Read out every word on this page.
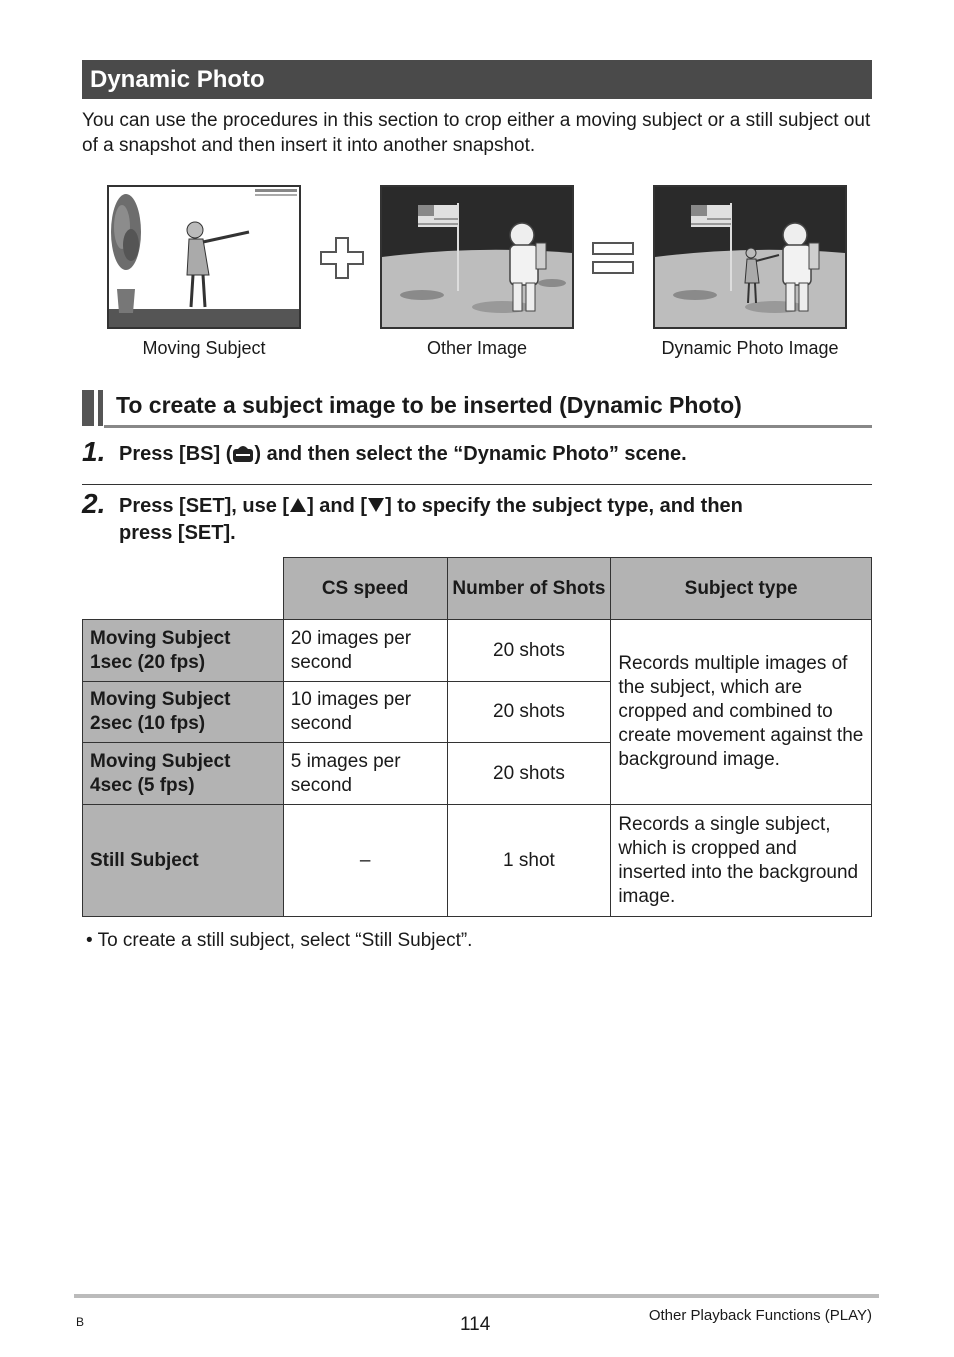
Dynamic Photo

You can use the procedures in this section to crop either a moving subject or a still subject out of a snapshot and then insert it into another snapshot.

Moving Subject	Other Image	Dynamic Photo Image
To create a subject image to be inserted (Dynamic Photo)
1. Press [BS] ( ) and then select the “Dynamic Photo” scene.
2. Press [SET], use [ ] and [ ] to specify the subject type, and then
press [SET].
	CS speed	Number of Shots	Subject type
Moving Subject 1sec (20 fps)	20 images per second	20 shots	Records multiple images of the subject, which are cropped and combined to create movement against the background image.
Moving Subject 2sec (10 fps)	10 images per second	20 shots	
Moving Subject 4sec (5 fps)	5 images per second	20 shots	
Still Subject	–	1 shot	Records a single subject, which is cropped and inserted into the background image.
• To create a still subject, select “Still Subject”.
B	114	Other Playback Functions (PLAY)
